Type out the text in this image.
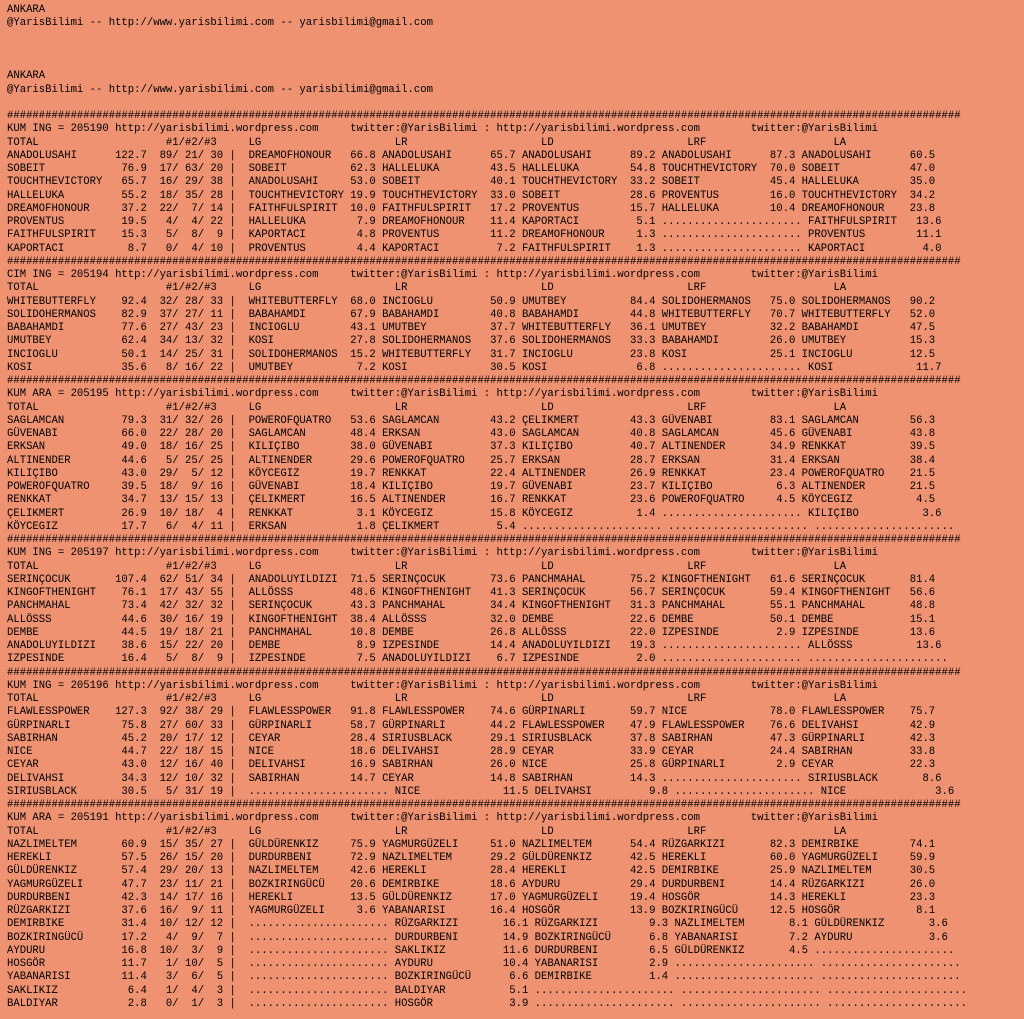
ANKARA
@YarisBilimi -- http://www.yarisbilimi.com -- yarisbilimi@gmail.com

ANKARA
@YarisBilimi -- http://www.yarisbilimi.com -- yarisbilimi@gmail.com

######################################################################################################################################################
KUM ING = 205190 http://yarisbilimi.wordpress.com     twitter:@YarisBilimi : http://yarisbilimi.wordpress.com        twitter:@YarisBilimi
TOTAL                    #1/#2/#3     LG                     LR                     LD                     LRF                    LA
ANADOLUSAHI      122.7  89/ 21/ 30 |  DREAMOFHONOUR   66.8 ANADOLUSAHI      65.7 ANADOLUSAHI      89.2 ANADOLUSAHI      87.3 ANADOLUSAHI      60.5
SOBEIT            76.9  17/ 63/ 20 |  SOBEIT          62.3 HALLELUKA        43.5 HALLELUKA        54.8 TOUCHTHEVICTORY  70.0 SOBEIT           47.0
TOUCHTHEVICTORY   65.7  16/ 29/ 38 |  ANADOLUSAHI     53.0 SOBEIT           40.1 TOUCHTHEVICTORY  33.2 SOBEIT           45.4 HALLELUKA        35.0
HALLELUKA         55.2  18/ 35/ 28 |  TOUCHTHEVICTORY 19.9 TOUCHTHEVICTORY  33.0 SOBEIT           28.6 PROVENTUS        16.0 TOUCHTHEVICTORY  34.2
DREAMOFHONOUR     37.2  22/  7/ 14 |  FAITHFULSPIRIT  10.0 FAITHFULSPIRIT   17.2 PROVENTUS        15.7 HALLELUKA        10.4 DREAMOFHONOUR    23.8
PROVENTUS         19.5   4/  4/ 22 |  HALLELUKA        7.9 DREAMOFHONOUR    11.4 KAPORTACI         5.1 ...................... FAITHFULSPIRIT   13.6
FAITHFULSPIRIT    15.3   5/  8/  9 |  KAPORTACI        4.8 PROVENTUS        11.2 DREAMOFHONOUR     1.3 ...................... PROVENTUS        11.1
KAPORTACI          8.7   0/  4/ 10 |  PROVENTUS        4.4 KAPORTACI         7.2 FAITHFULSPIRIT    1.3 ...................... KAPORTACI         4.0
######################################################################################################################################################
CIM ING = 205194 http://yarisbilimi.wordpress.com     twitter:@YarisBilimi : http://yarisbilimi.wordpress.com        twitter:@YarisBilimi
TOTAL                    #1/#2/#3     LG                     LR                     LD                     LRF                    LA
WHITEBUTTERFLY    92.4  32/ 28/ 33 |  WHITEBUTTERFLY  68.0 INCIOGLU         50.9 UMUTBEY          84.4 SOLIDOHERMANOS   75.0 SOLIDOHERMANOS   90.2
SOLIDOHERMANOS    82.9  37/ 27/ 11 |  BABAHAMDI       67.9 BABAHAMDI        40.8 BABAHAMDI        44.8 WHITEBUTTERFLY   70.7 WHITEBUTTERFLY   52.0
BABAHAMDI         77.6  27/ 43/ 23 |  INCIOGLU        43.1 UMUTBEY          37.7 WHITEBUTTERFLY   36.1 UMUTBEY          32.2 BABAHAMDI        47.5
UMUTBEY           62.4  34/ 13/ 32 |  KOSI            27.8 SOLIDOHERMANOS   37.6 SOLIDOHERMANOS   33.3 BABAHAMDI        26.0 UMUTBEY          15.3
INCIOGLU          50.1  14/ 25/ 31 |  SOLIDOHERMANOS  15.2 WHITEBUTTERFLY   31.7 INCIOGLU         23.8 KOSI             25.1 INCIOGLU         12.5
KOSI              35.6   8/ 16/ 22 |  UMUTBEY          7.2 KOSI             30.5 KOSI              6.8 ...................... KOSI             11.7
######################################################################################################################################################
KUM ARA = 205195 http://yarisbilimi.wordpress.com     twitter:@YarisBilimi : http://yarisbilimi.wordpress.com        twitter:@YarisBilimi
TOTAL                    #1/#2/#3     LG                     LR                     LD                     LRF                    LA
SAGLAMCAN         79.3  31/ 32/ 26 |  POWEROFQUATRO   53.6 SAGLAMCAN        43.2 ÇELIKMERT        43.3 GÜVENABI         83.1 SAGLAMCAN        56.3
GÜVENABI          66.0  22/ 28/ 20 |  SAGLAMCAN       48.4 ERKSAN           43.0 SAGLAMCAN        40.8 SAGLAMCAN        45.6 GÜVENABI         43.8
ERKSAN            49.0  18/ 16/ 25 |  KILIÇIBO        38.0 GÜVENABI         37.3 KILIÇIBO         40.7 ALTINENDER       34.9 RENKKAT          39.5
ALTINENDER        44.6   5/ 25/ 25 |  ALTINENDER      29.6 POWEROFQUATRO    25.7 ERKSAN           28.7 ERKSAN           31.4 ERKSAN           38.4
KILIÇIBO          43.0  29/  5/ 12 |  KÖYCEGIZ        19.7 RENKKAT          22.4 ALTINENDER       26.9 RENKKAT          23.4 POWEROFQUATRO    21.5
POWEROFQUATRO     39.5  18/  9/ 16 |  GÜVENABI        18.4 KILIÇIBO         19.7 GÜVENABI         23.7 KILIÇIBO          6.3 ALTINENDER       21.5
RENKKAT           34.7  13/ 15/ 13 |  ÇELIKMERT       16.5 ALTINENDER       16.7 RENKKAT          23.6 POWEROFQUATRO     4.5 KÖYCEGIZ          4.5
ÇELIKMERT         26.9  10/ 18/  4 |  RENKKAT          3.1 KÖYCEGIZ         15.8 KÖYCEGIZ          1.4 ...................... KILIÇIBO          3.6
KÖYCEGIZ          17.7   6/  4/ 11 |  ERKSAN           1.8 ÇELIKMERT         5.4 ...................... ...................... ......................
######################################################################################################################################################
KUM ING = 205197 http://yarisbilimi.wordpress.com     twitter:@YarisBilimi : http://yarisbilimi.wordpress.com        twitter:@YarisBilimi
TOTAL                    #1/#2/#3     LG                     LR                     LD                     LRF                    LA
SERINÇOCUK       107.4  62/ 51/ 34 |  ANADOLUYILDIZI  71.5 SERINÇOCUK       73.6 PANCHMAHAL       75.2 KINGOFTHENIGHT   61.6 SERINÇOCUK       81.4
KINGOFTHENIGHT    76.1  17/ 43/ 55 |  ALLÖSSS         48.6 KINGOFTHENIGHT   41.3 SERINÇOCUK       56.7 SERINÇOCUK       59.4 KINGOFTHENIGHT   56.6
PANCHMAHAL        73.4  42/ 32/ 32 |  SERINÇOCUK      43.3 PANCHMAHAL       34.4 KINGOFTHENIGHT   31.3 PANCHMAHAL       55.1 PANCHMAHAL       48.8
ALLÖSSS           44.6  30/ 16/ 19 |  KINGOFTHENIGHT  38.4 ALLÖSSS          32.0 DEMBE            22.6 DEMBE            50.1 DEMBE            15.1
DEMBE             44.5  19/ 18/ 21 |  PANCHMAHAL      10.8 DEMBE            26.8 ALLÖSSS          22.0 IZPESINDE         2.9 IZPESINDE        13.6
ANADOLUYILDIZI    38.6  15/ 22/ 20 |  DEMBE            8.9 IZPESINDE        14.4 ANADOLUYILDIZI   19.3 ...................... ALLÖSSS          13.6
IZPESINDE         16.4   5/  8/  9 |  IZPESINDE        7.5 ANADOLUYILDIZI    6.7 IZPESINDE         2.0 ...................... ......................
######################################################################################################################################################
KUM ING = 205196 http://yarisbilimi.wordpress.com     twitter:@YarisBilimi : http://yarisbilimi.wordpress.com        twitter:@YarisBilimi
TOTAL                    #1/#2/#3     LG                     LR                     LD                     LRF                    LA
FLAWLESSPOWER    127.3  92/ 38/ 29 |  FLAWLESSPOWER   91.8 FLAWLESSPOWER    74.6 GÜRPINARLI       59.7 NICE             78.0 FLAWLESSPOWER    75.7
GÜRPINARLI        75.8  27/ 60/ 33 |  GÜRPINARLI      58.7 GÜRPINARLI       44.2 FLAWLESSPOWER    47.9 FLAWLESSPOWER    76.6 DELIVAHSI        42.9
SABIRHAN          45.2  20/ 17/ 12 |  CEYAR           28.4 SIRIUSBLACK      29.1 SIRIUSBLACK      37.8 SABIRHAN         47.3 GÜRPINARLI       42.3
NICE              44.7  22/ 18/ 15 |  NICE            18.6 DELIVAHSI        28.9 CEYAR            33.9 CEYAR            24.4 SABIRHAN         33.8
CEYAR             43.0  12/ 16/ 40 |  DELIVAHSI       16.9 SABIRHAN         26.0 NICE             25.8 GÜRPINARLI        2.9 CEYAR            22.3
DELIVAHSI         34.3  12/ 10/ 32 |  SABIRHAN        14.7 CEYAR            14.8 SABIRHAN         14.3 ...................... SIRIUSBLACK       8.6
SIRIUSBLACK       30.5   5/ 31/ 19 |  ...................... NICE             11.5 DELIVAHSI         9.8 ...................... NICE              3.6
######################################################################################################################################################
KUM ARA = 205191 http://yarisbilimi.wordpress.com     twitter:@YarisBilimi : http://yarisbilimi.wordpress.com        twitter:@YarisBilimi
TOTAL                    #1/#2/#3     LG                     LR                     LD                     LRF                    LA
NAZLIMELTEM       60.9  15/ 35/ 27 |  GÜLDÜRENKIZ     75.9 YAGMURGÜZELI     51.0 NAZLIMELTEM      54.4 RÜZGARKIZI       82.3 DEMIRBIKE        74.1
HEREKLI           57.5  26/ 15/ 20 |  DURDURBENI      72.9 NAZLIMELTEM      29.2 GÜLDÜRENKIZ      42.5 HEREKLI          60.0 YAGMURGÜZELI     59.9
GÜLDÜRENKIZ       57.4  29/ 20/ 13 |  NAZLIMELTEM     42.6 HEREKLI          28.4 HEREKLI          42.5 DEMIRBIKE        25.9 NAZLIMELTEM      30.5
YAGMURGÜZELI      47.7  23/ 11/ 21 |  BOZKIRINGÜCÜ    20.6 DEMIRBIKE        18.6 AYDURU           29.4 DURDURBENI       14.4 RÜZGARKIZI       26.0
DURDURBENI        42.3  14/ 17/ 16 |  HEREKLI         13.5 GÜLDÜRENKIZ      17.0 YAGMURGÜZELI     19.4 HOSGÖR           14.3 HEREKLI          23.3
RÜZGARKIZI        37.6  16/  9/ 11 |  YAGMURGÜZELI     3.6 YABANARISI       16.4 HOSGÖR           13.9 BOZKIRINGÜCÜ     12.5 HOSGÖR            8.1
DEMIRBIKE         31.4  10/ 12/ 12 |  ...................... RÜZGARKIZI       16.1 RÜZGARKIZI        9.3 NAZLIMELTEM       8.1 GÜLDÜRENKIZ       3.6
BOZKIRINGÜCÜ      17.2   4/  9/  7 |  ...................... DURDURBENI       14.9 BOZKIRINGÜCÜ      6.8 YABANARISI        7.2 AYDURU            3.6
AYDURU            16.8  10/  3/  9 |  ...................... SAKLIKIZ         11.6 DURDURBENI        6.5 GÜLDÜRENKIZ       4.5 ......................
HOSGÖR            11.7   1/ 10/  5 |  ...................... AYDURU           10.4 YABANARISI        2.9 ...................... ......................
YABANARISI        11.4   3/  6/  5 |  ...................... BOZKIRINGÜCÜ      6.6 DEMIRBIKE         1.4 ...................... ......................
SAKLIKIZ           6.4   1/  4/  3 |  ...................... BALDIYAR          5.1 ...................... ...................... ......................
BALDIYAR           2.8   0/  1/  3 |  ...................... HOSGÖR            3.9 ...................... ...................... ......................
